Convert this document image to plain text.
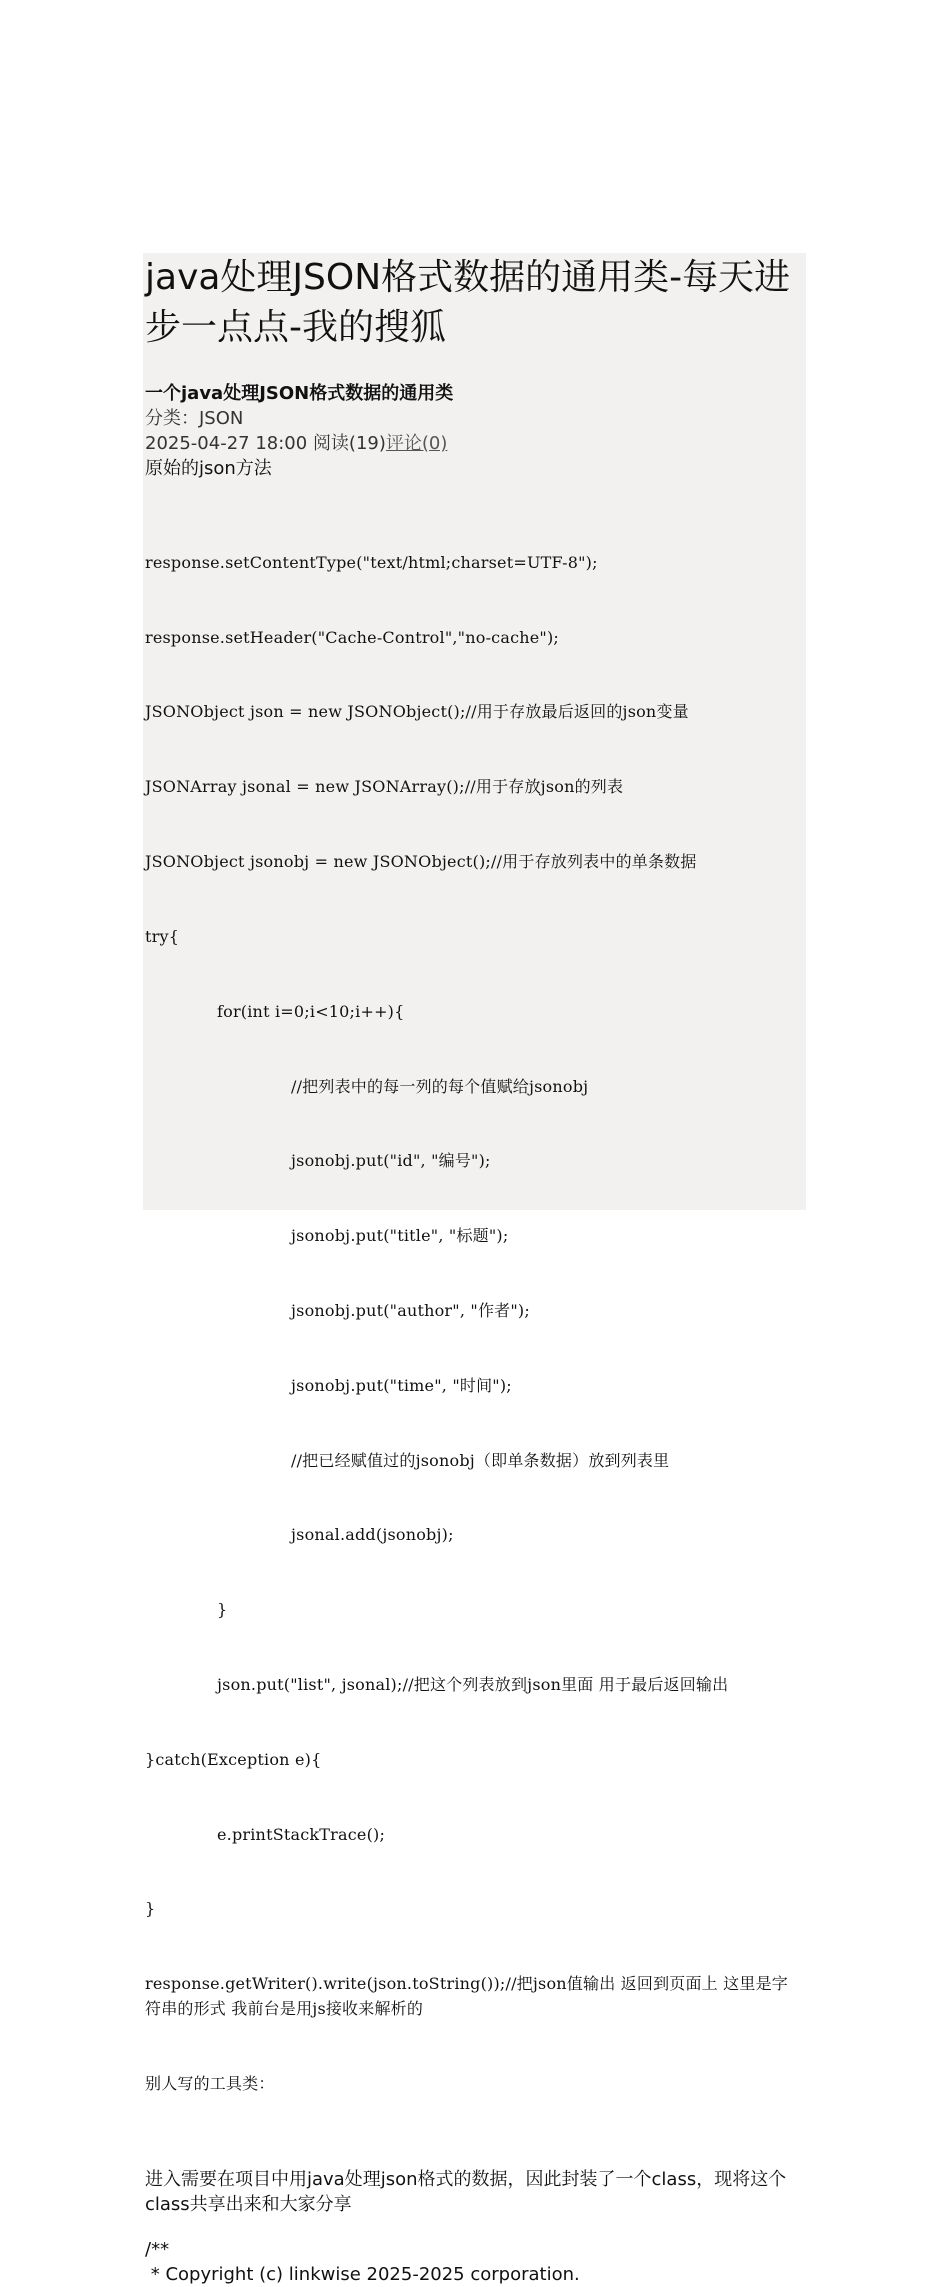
java处理JSON格式数据的通用类-每天进步一点点-我的搜狐
一个java处理JSON格式数据的通用类
分类：JSON
2025-04-27 18:00 阅读(19)评论(0)
原始的json方法

response.setContentType("text/html;charset=UTF-8");

response.setHeader("Cache-Control","no-cache");

JSONObject json = new JSONObject();//用于存放最后返回的json变量

JSONArray jsonal = new JSONArray();//用于存放json的列表

JSONObject jsonobj = new JSONObject();//用于存放列表中的单条数据

try{

for(int i=0;i<10;i++){

//把列表中的每一列的每个值赋给jsonobj

jsonobj.put("id", "编号");

jsonobj.put("title", "标题");

jsonobj.put("author", "作者");

jsonobj.put("time", "时间");

//把已经赋值过的jsonobj（即单条数据）放到列表里

jsonal.add(jsonobj);

}

json.put("list", jsonal);//把这个列表放到json里面 用于最后返回输出

}catch(Exception e){

e.printStackTrace();

}

response.getWriter().write(json.toString());//把json值输出 返回到页面上 这里是字符串的形式 我前台是用js接收来解析的

别人写的工具类：

进入需要在项目中用java处理json格式的数据，因此封装了一个class，现将这个class共享出来和大家分享
/**
* Copyright (c) linkwise 2025-2025 corporation.
